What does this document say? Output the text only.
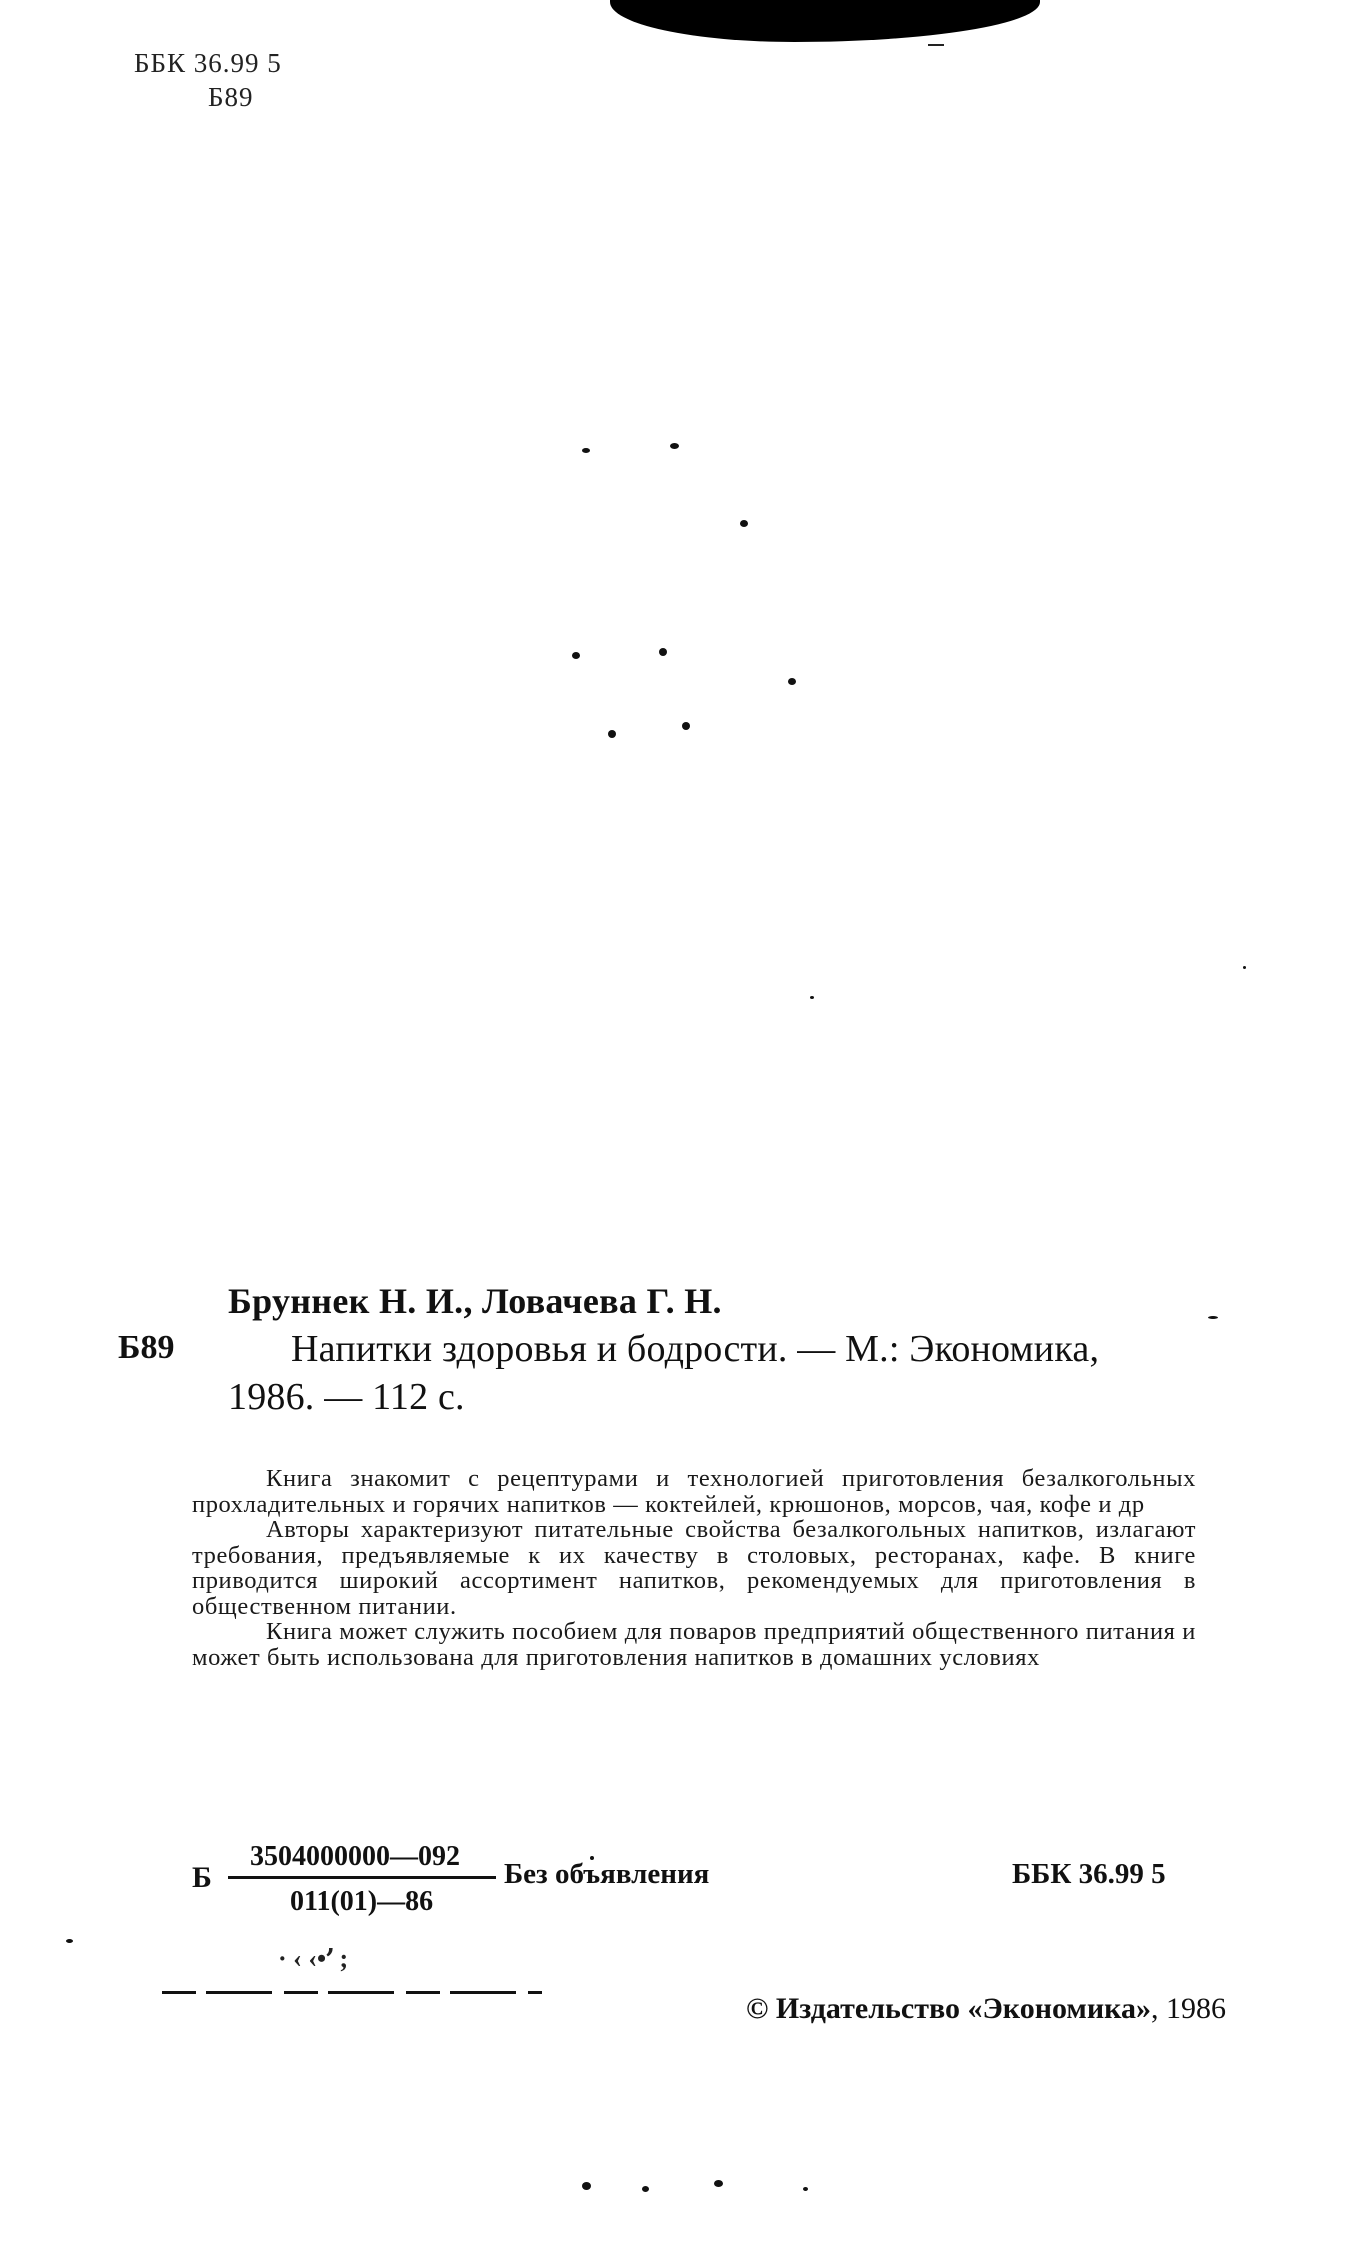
ББК 36.99 5
Б89
Бруннек Н. И., Ловачева Г. Н.
Б89	Напитки здоровья и бодрости. — М.: Экономика,
1986. — 112 с.

Книга знакомит с рецептурами и технологией приготовления безалкогольных прохладительных и горячих напитков — коктейлей, крюшонов, морсов, чая, кофе и др

Авторы характеризуют питательные свойства безалкогольных напитков, излагают требования, предъявляемые к их качеству в столовых, ресторанах, кафе. В книге приводится широкий ассортимент напитков, рекомендуемых для приготовления в общественном питании.

Книга может служить пособием для поваров предприятий общественного питания и может быть использована для приготовления напитков в домашних условиях

Б
3504000000—092
011(01)—86
Без объявления	ББК 36.99 5
· ‹ ‹•՚ ;
© Издательство «Экономика», 1986
